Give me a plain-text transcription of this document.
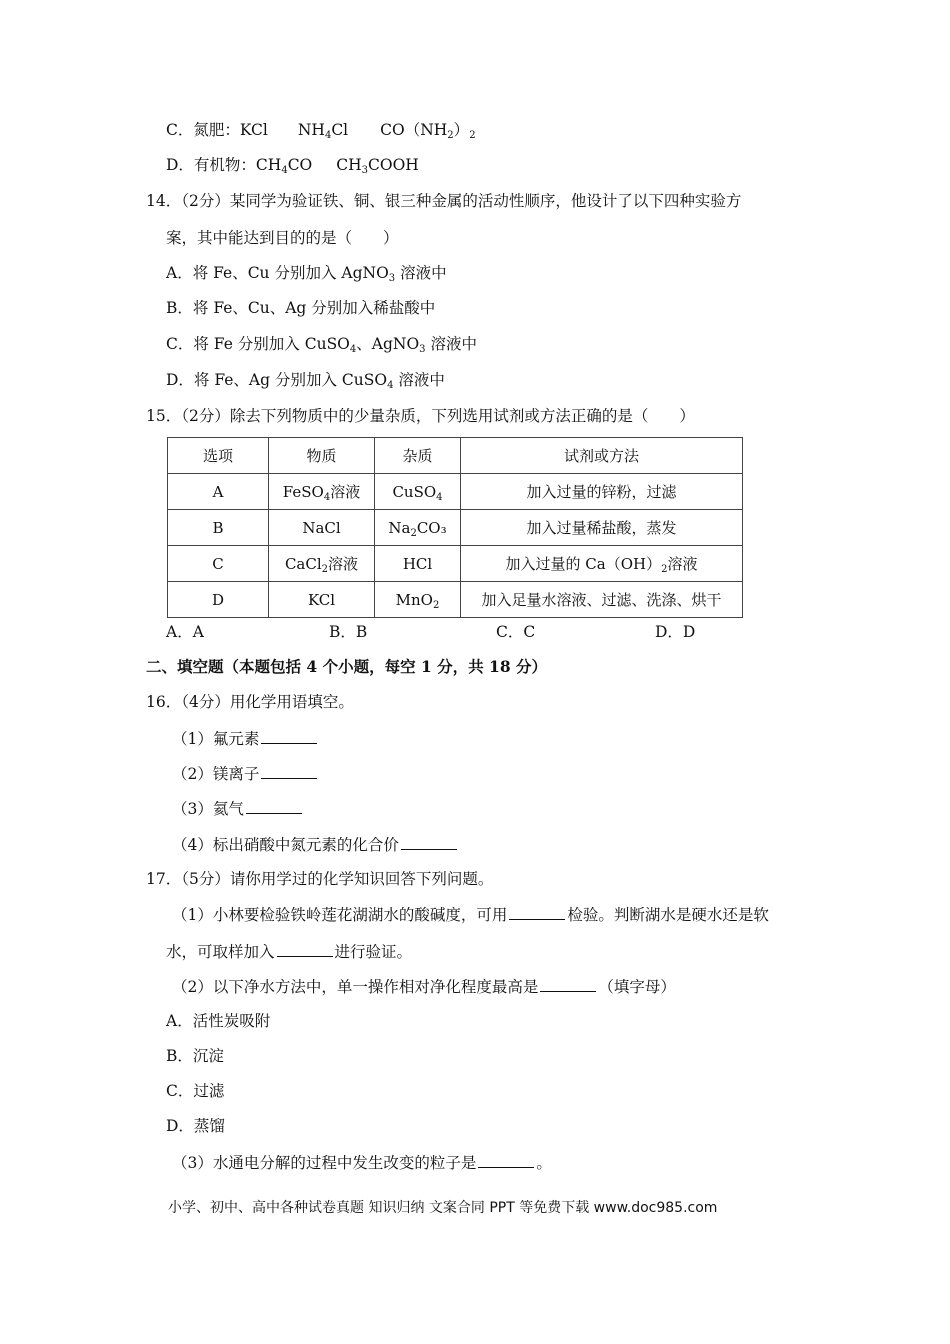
C．氮肥：KCl $NH_4Cl$ $CO(NH_2)_2$
D．有机物：$CH_4CO$ $CH_3COOH$
14．（2分）某同学为验证铁、铜、银三种金属的活动性顺序，他设计了以下四种实验方
案，其中能达到目的的是（　　）
A．将 Fe、Cu 分别加入 AgNO$_3$ 溶液中
B．将 Fe、Cu、Ag 分别加入稀盐酸中
C．将 Fe 分别加入 CuSO$_4$、AgNO$_3$ 溶液中
D．将 Fe、Ag 分别加入 CuSO$_4$ 溶液中
15．（2分）除去下列物质中的少量杂质，下列选用试剂或方法正确的是（　　）
选项	物质	杂质	试剂或方法
A	FeSO$_4$溶液	CuSO$_4$	加入过量的锌粉，过滤
B	NaCl	$Na_2CO_3$	加入过量稀盐酸，蒸发
C	CaCl$_2$溶液	HCl	加入过量的 $Ca(OH)_2$溶液
D	KCl	MnO$_2$	加入足量水溶液、过滤、洗涤、烘干
A．A	B．B	C．C	D．D
二、填空题（本题包括 4 个小题，每空 1 分，共 18 分）
16．（4分）用化学用语填空。
（1）氟元素
（2）镁离子
（3）氦气
（4）标出硝酸中氮元素的化合价
17．（5分）请你用学过的化学知识回答下列问题。
（1）小林要检验铁岭莲花湖湖水的酸碱度，可用	检验。判断湖水是硬水还是软
水，可取样加入	进行验证。
（2）以下净水方法中，单一操作相对净化程度最高是	（填字母）
A．活性炭吸附
B．沉淀
C．过滤
D．蒸馏
（3）水通电分解的过程中发生改变的粒子是	。
小学、初中、高中各种试卷真题 知识归纳 文案合同 PPT 等免费下载 www.doc985.com
